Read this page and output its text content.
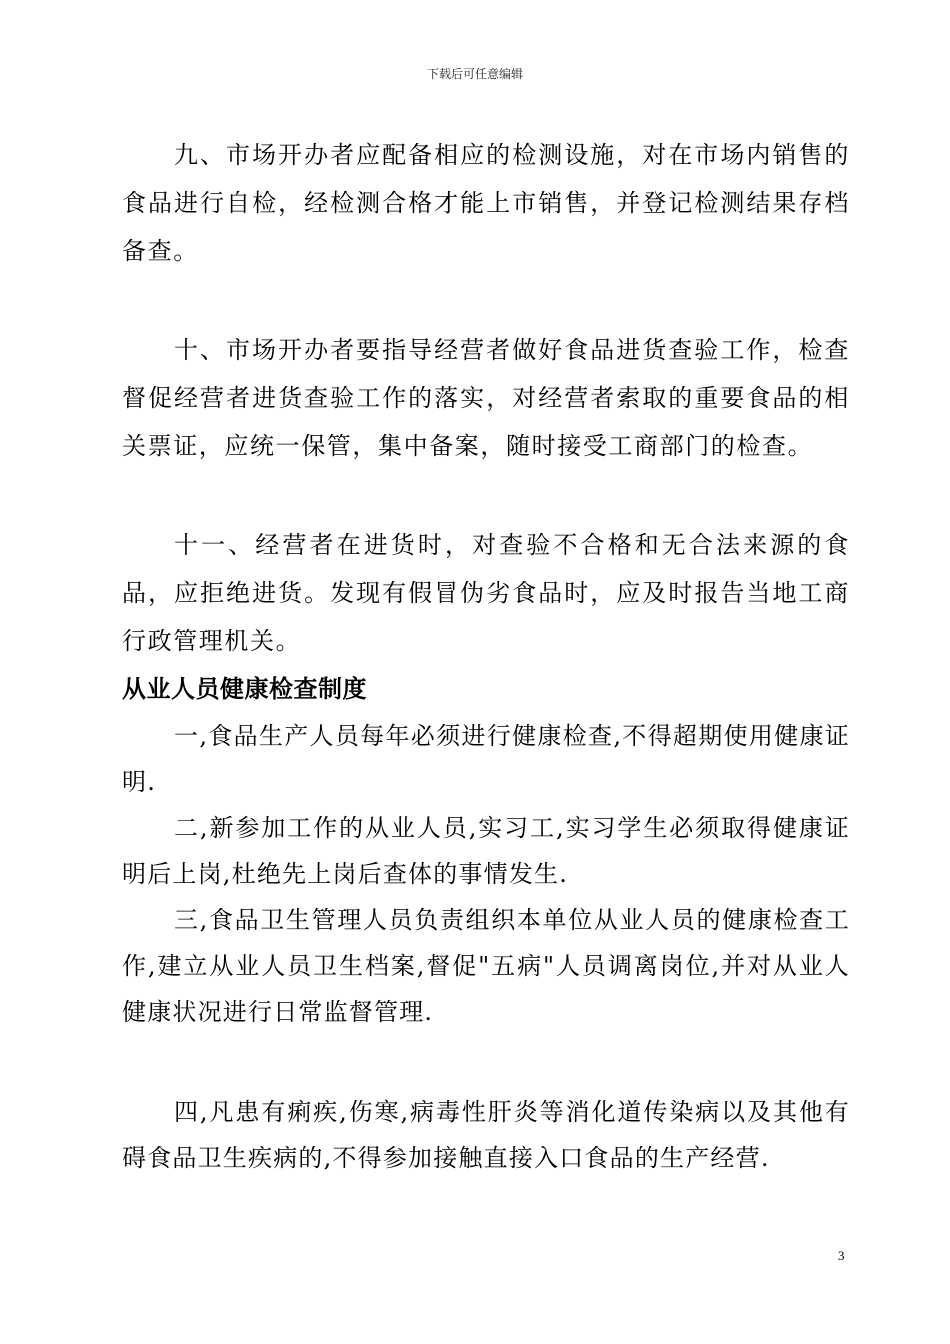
下载后可任意编辑

九、市场开办者应配备相应的检测设施，对在市场内销售的食品进行自检，经检测合格才能上市销售，并登记检测结果存档备查。

十、市场开办者要指导经营者做好食品进货查验工作，检查督促经营者进货查验工作的落实，对经营者索取的重要食品的相关票证，应统一保管，集中备案，随时接受工商部门的检查。

十一、经营者在进货时，对查验不合格和无合法来源的食品，应拒绝进货。发现有假冒伪劣食品时，应及时报告当地工商行政管理机关。

从业人员健康检查制度

一,食品生产人员每年必须进行健康检查,不得超期使用健康证明.

二,新参加工作的从业人员,实习工,实习学生必须取得健康证明后上岗,杜绝先上岗后查体的事情发生.

三,食品卫生管理人员负责组织本单位从业人员的健康检查工作,建立从业人员卫生档案,督促"五病"人员调离岗位,并对从业人健康状况进行日常监督管理.

四,凡患有痢疾,伤寒,病毒性肝炎等消化道传染病以及其他有碍食品卫生疾病的,不得参加接触直接入口食品的生产经营.

3
